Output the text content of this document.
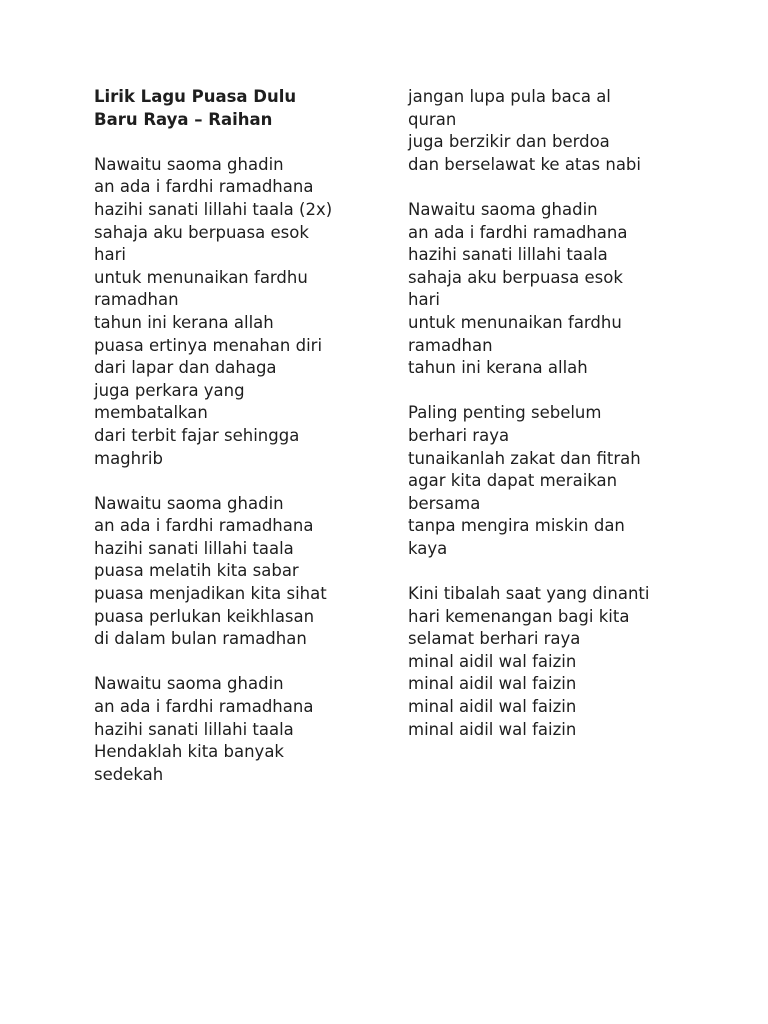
Lirik Lagu Puasa Dulu
Baru Raya – Raihan
Nawaitu saoma ghadin
an ada i fardhi ramadhana
hazihi sanati lillahi taala (2x)
sahaja aku berpuasa esok
hari
untuk menunaikan fardhu
ramadhan
tahun ini kerana allah
puasa ertinya menahan diri
dari lapar dan dahaga
juga perkara yang
membatalkan
dari terbit fajar sehingga
maghrib
Nawaitu saoma ghadin
an ada i fardhi ramadhana
hazihi sanati lillahi taala
puasa melatih kita sabar
puasa menjadikan kita sihat
puasa perlukan keikhlasan
di dalam bulan ramadhan
Nawaitu saoma ghadin
an ada i fardhi ramadhana
hazihi sanati lillahi taala
Hendaklah kita banyak
sedekah
jangan lupa pula baca al
quran
juga berzikir dan berdoa
dan berselawat ke atas nabi
Nawaitu saoma ghadin
an ada i fardhi ramadhana
hazihi sanati lillahi taala
sahaja aku berpuasa esok
hari
untuk menunaikan fardhu
ramadhan
tahun ini kerana allah
Paling penting sebelum
berhari raya
tunaikanlah zakat dan fitrah
agar kita dapat meraikan
bersama
tanpa mengira miskin dan
kaya
Kini tibalah saat yang dinanti
hari kemenangan bagi kita
selamat berhari raya
minal aidil wal faizin
minal aidil wal faizin
minal aidil wal faizin
minal aidil wal faizin
